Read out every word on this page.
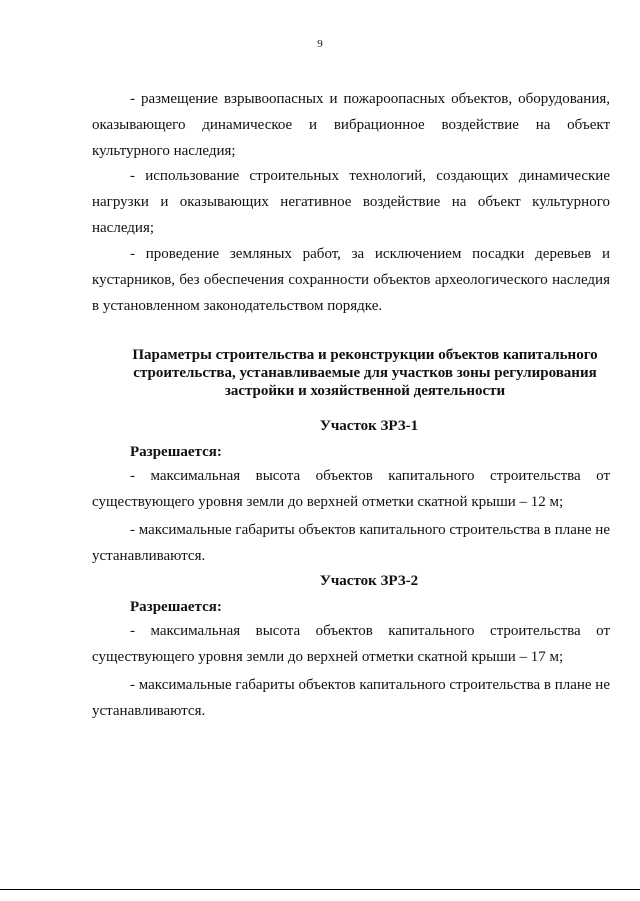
9

- размещение взрывоопасных и пожароопасных объектов, оборудования, оказывающего динамическое и вибрационное воздействие на объект культурного наследия;

- использование строительных технологий, создающих динамические нагрузки и оказывающих негативное воздействие на объект культурного наследия;

- проведение земляных работ, за исключением посадки деревьев и кустарников, без обеспечения сохранности объектов археологического наследия в установленном законодательством порядке.

Параметры строительства и реконструкции объектов капитального строительства, устанавливаемые для участков зоны регулирования застройки и хозяйственной деятельности

Участок ЗРЗ-1

Разрешается:

- максимальная высота объектов капитального строительства от существующего уровня земли до верхней отметки скатной крыши – 12 м;

- максимальные габариты объектов капитального строительства в плане не устанавливаются.

Участок ЗРЗ-2

Разрешается:

- максимальная высота объектов капитального строительства от существующего уровня земли до верхней отметки скатной крыши – 17 м;

- максимальные габариты объектов капитального строительства в плане не устанавливаются.
